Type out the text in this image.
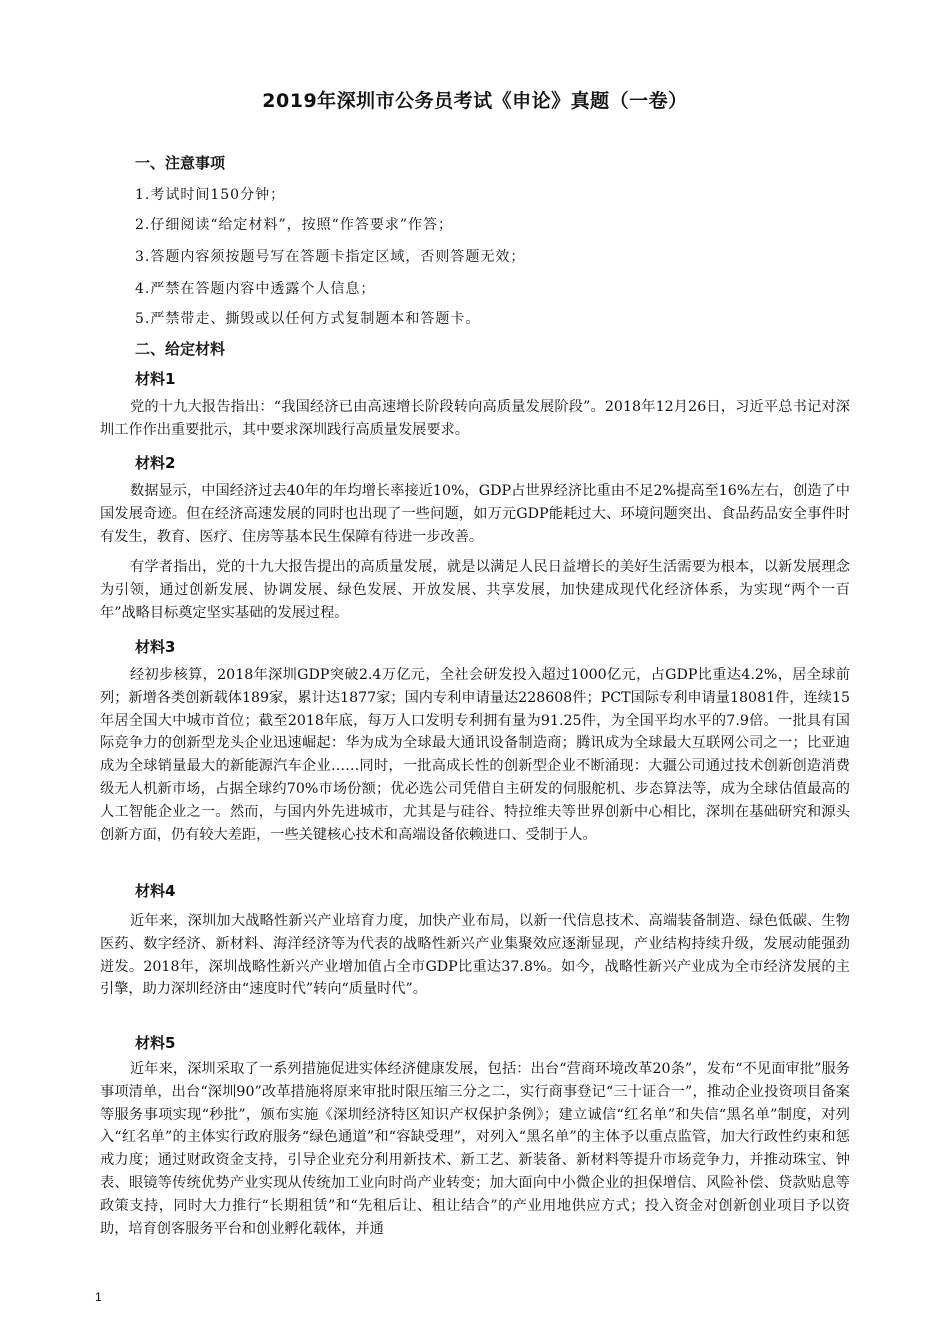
2019年深圳市公务员考试《申论》真题（一卷）
一、注意事项
1.考试时间150分钟；
2.仔细阅读“给定材料”，按照“作答要求”作答；
3.答题内容须按题号写在答题卡指定区域，否则答题无效；
4.严禁在答题内容中透露个人信息；
5.严禁带走、撕毁或以任何方式复制题本和答题卡。
二、给定材料
材料1

党的十九大报告指出：“我国经济已由高速增长阶段转向高质量发展阶段”。2018年12月26日，习近平总书记对深圳工作作出重要批示，其中要求深圳践行高质量发展要求。

材料2

数据显示，中国经济过去40年的年均增长率接近10%，GDP占世界经济比重由不足2%提高至16%左右，创造了中国发展奇迹。但在经济高速发展的同时也出现了一些问题，如万元GDP能耗过大、环境问题突出、食品药品安全事件时有发生，教育、医疗、住房等基本民生保障有待进一步改善。

有学者指出，党的十九大报告提出的高质量发展，就是以满足人民日益增长的美好生活需要为根本，以新发展理念为引领，通过创新发展、协调发展、绿色发展、开放发展、共享发展，加快建成现代化经济体系，为实现“两个一百年”战略目标奠定坚实基础的发展过程。

材料3

经初步核算，2018年深圳GDP突破2.4万亿元，全社会研发投入超过1000亿元，占GDP比重达4.2%，居全球前列；新增各类创新载体189家，累计达1877家；国内专利申请量达228608件；PCT国际专利申请量18081件，连续15年居全国大中城市首位；截至2018年底，每万人口发明专利拥有量为91.25件，为全国平均水平的7.9倍。一批具有国际竞争力的创新型龙头企业迅速崛起：华为成为全球最大通讯设备制造商；腾讯成为全球最大互联网公司之一；比亚迪成为全球销量最大的新能源汽车企业……同时，一批高成长性的创新型企业不断涌现：大疆公司通过技术创新创造消费级无人机新市场，占据全球约70%市场份额；优必选公司凭借自主研发的伺服舵机、步态算法等，成为全球估值最高的人工智能企业之一。然而，与国内外先进城市，尤其是与硅谷、特拉维夫等世界创新中心相比，深圳在基础研究和源头创新方面，仍有较大差距，一些关键核心技术和高端设备依赖进口、受制于人。

材料4

近年来，深圳加大战略性新兴产业培育力度，加快产业布局，以新一代信息技术、高端装备制造、绿色低碳、生物医药、数字经济、新材料、海洋经济等为代表的战略性新兴产业集聚效应逐渐显现，产业结构持续升级，发展动能强劲迸发。2018年，深圳战略性新兴产业增加值占全市GDP比重达37.8%。如今，战略性新兴产业成为全市经济发展的主引擎，助力深圳经济由“速度时代”转向“质量时代”。

材料5

近年来，深圳采取了一系列措施促进实体经济健康发展，包括：出台“营商环境改革20条”，发布“不见面审批”服务事项清单，出台“深圳90”改革措施将原来审批时限压缩三分之二，实行商事登记“三十证合一”，推动企业投资项目备案等服务事项实现“秒批”，颁布实施《深圳经济特区知识产权保护条例》；建立诚信“红名单”和失信“黑名单”制度，对列入“红名单”的主体实行政府服务“绿色通道”和“容缺受理”，对列入“黑名单”的主体予以重点监管，加大行政性约束和惩戒力度；通过财政资金支持，引导企业充分利用新技术、新工艺、新装备、新材料等提升市场竞争力，并推动珠宝、钟表、眼镜等传统优势产业实现从传统加工业向时尚产业转变；加大面向中小微企业的担保增信、风险补偿、贷款贴息等政策支持，同时大力推行“长期租赁”和“先租后让、租让结合”的产业用地供应方式；投入资金对创新创业项目予以资助，培育创客服务平台和创业孵化载体，并通

1
